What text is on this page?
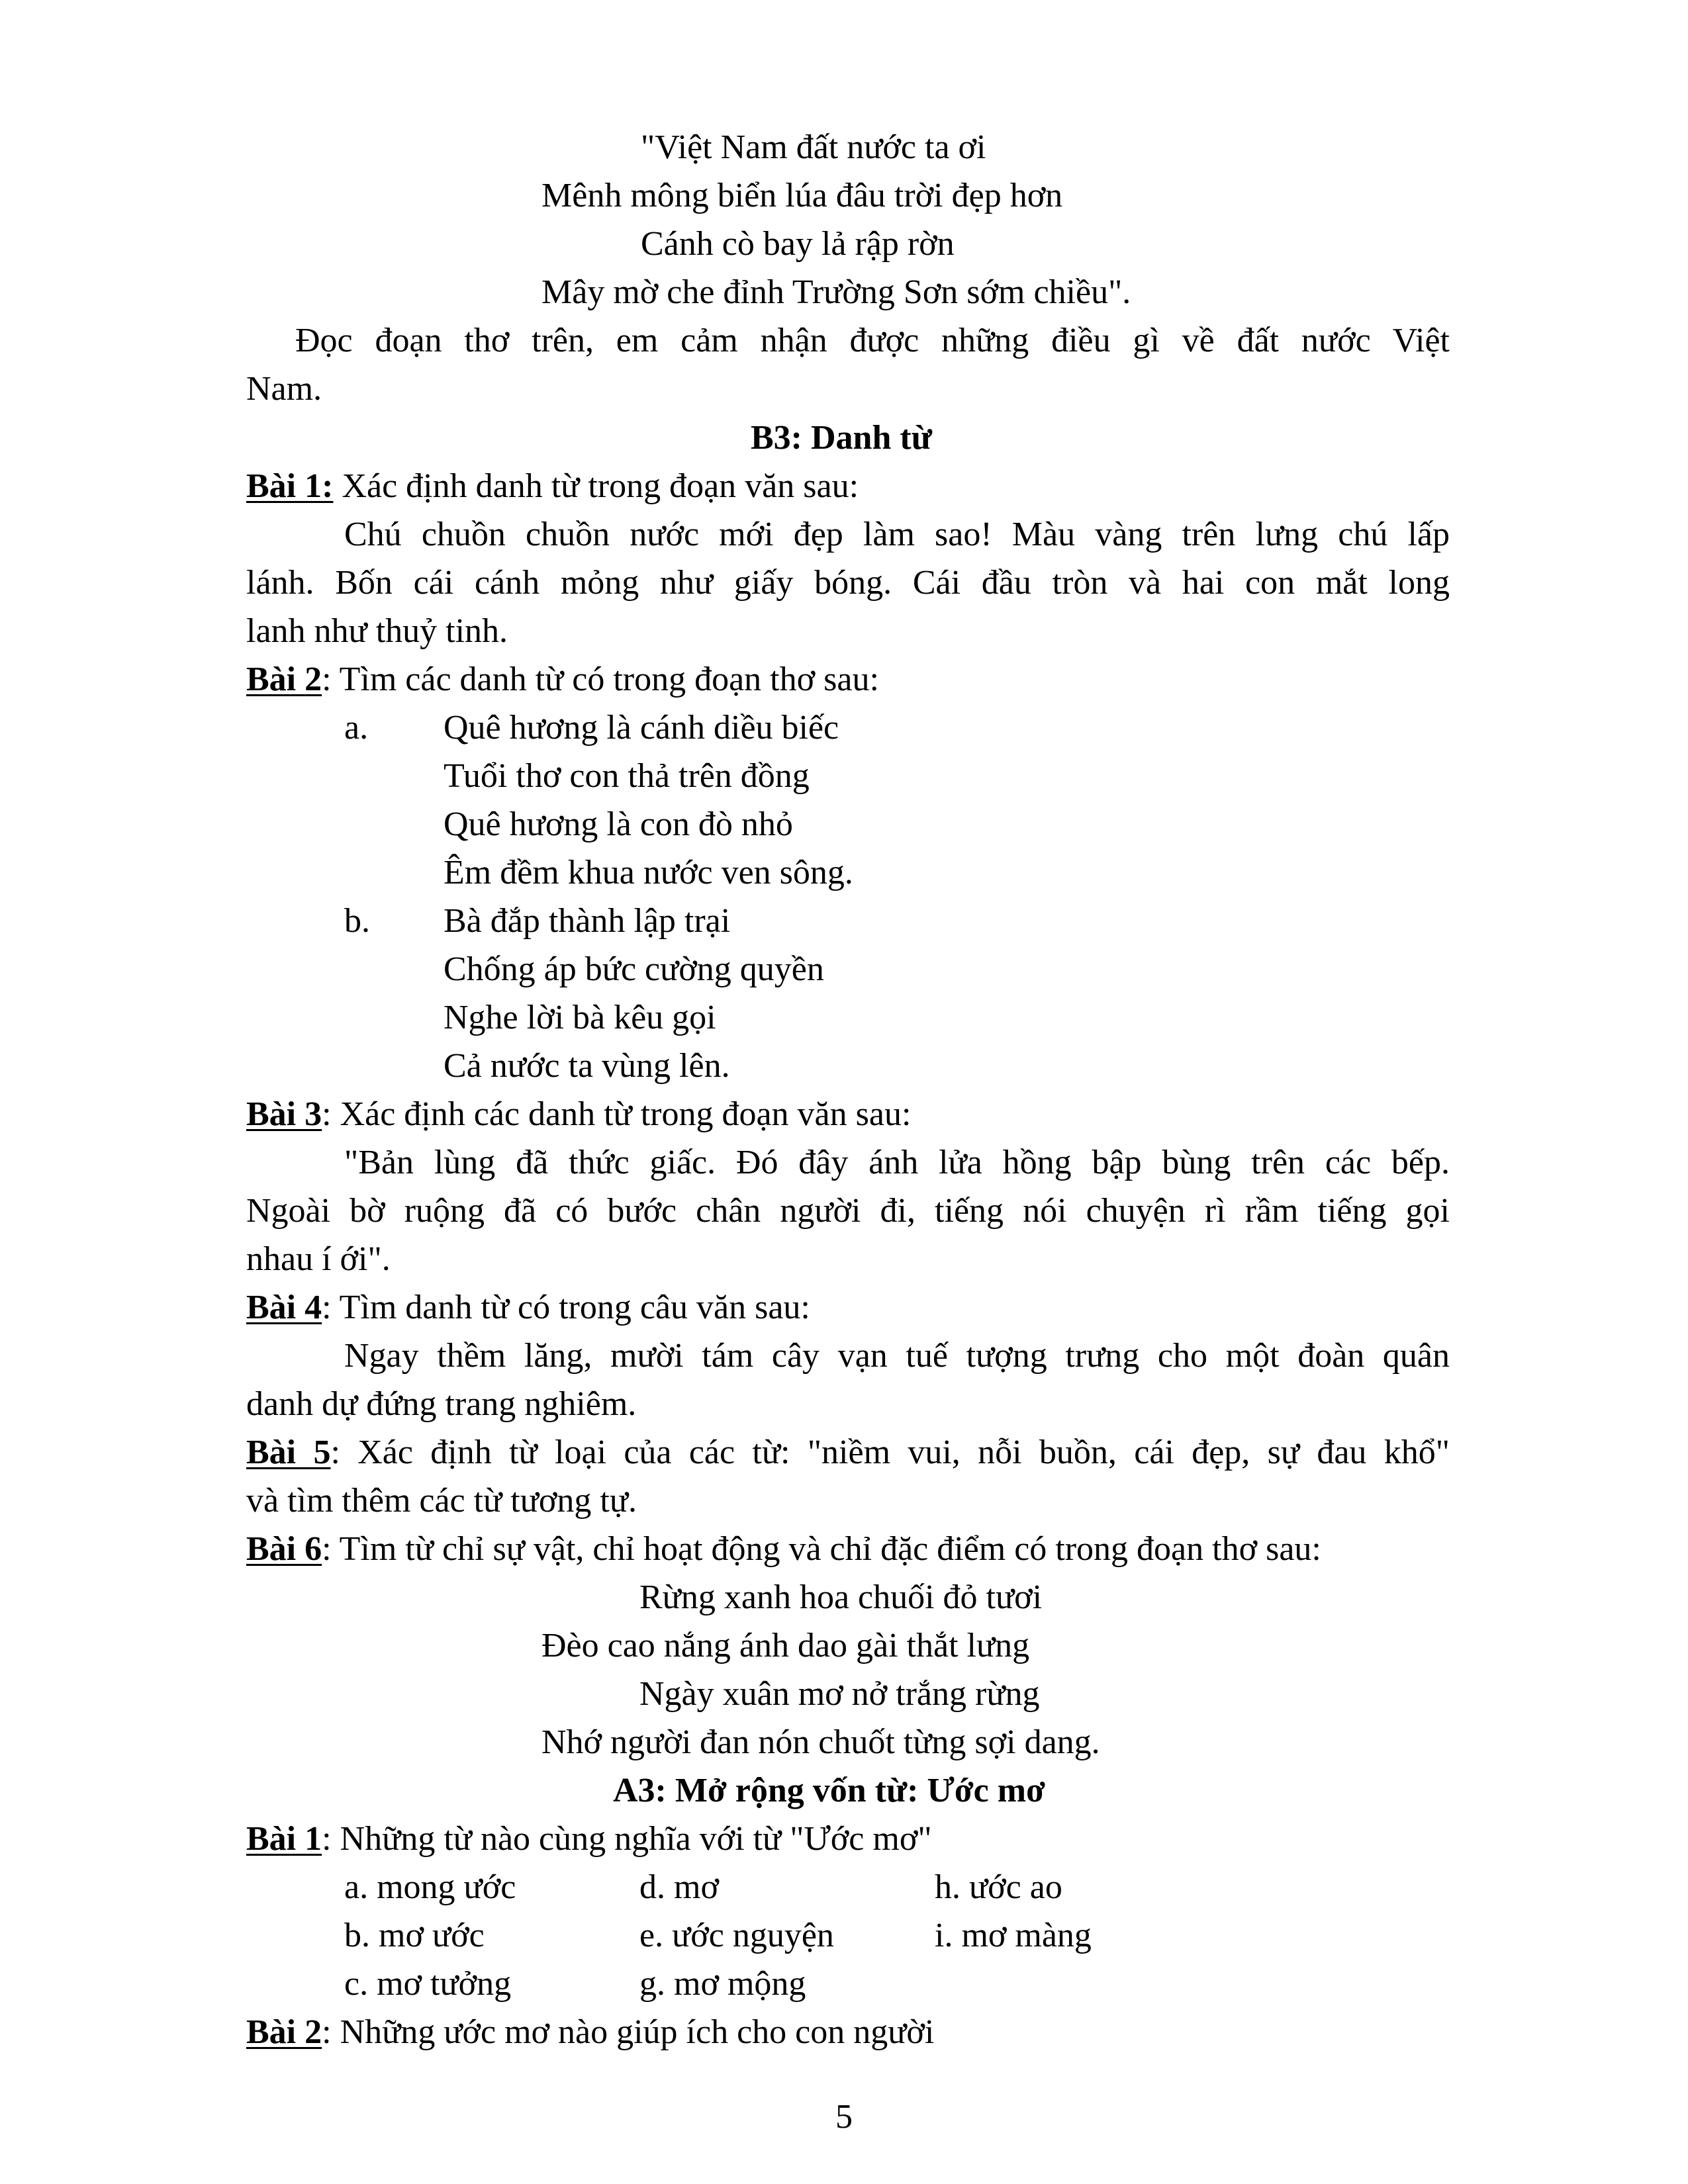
"Việt Nam đất nước ta ơi
Mênh mông biển lúa đâu trời đẹp hơn
Cánh cò bay lả rập rờn
Mây mờ che đỉnh Trường Sơn sớm chiều".
Đọc đoạn thơ trên, em cảm nhận được những điều gì về đất nước Việt
Nam.
B3: Danh từ
Bài 1: Xác định danh từ trong đoạn văn sau:
Chú chuồn chuồn nước mới đẹp làm sao! Màu vàng trên lưng chú lấp
lánh. Bốn cái cánh mỏng như giấy bóng. Cái đầu tròn và hai con mắt long
lanh như thuỷ tinh.
Bài 2: Tìm các danh từ có trong đoạn thơ sau:
a. Quê hương là cánh diều biếc
Tuổi thơ con thả trên đồng
Quê hương là con đò nhỏ
Êm đềm khua nước ven sông.
b. Bà đắp thành lập trại
Chống áp bức cường quyền
Nghe lời bà kêu gọi
Cả nước ta vùng lên.
Bài 3: Xác định các danh từ trong đoạn văn sau:
"Bản lùng đã thức giấc. Đó đây ánh lửa hồng bập bùng trên các bếp.
Ngoài bờ ruộng đã có bước chân người đi, tiếng nói chuyện rì rầm tiếng gọi
nhau í ới".
Bài 4: Tìm danh từ có trong câu văn sau:
Ngay thềm lăng, mười tám cây vạn tuế tượng trưng cho một đoàn quân
danh dự đứng trang nghiêm.
Bài 5: Xác định từ loại của các từ: "niềm vui, nỗi buồn, cái đẹp, sự đau khổ"
và tìm thêm các từ tương tự.
Bài 6: Tìm từ chỉ sự vật, chỉ hoạt động và chỉ đặc điểm có trong đoạn thơ sau:
Rừng xanh hoa chuối đỏ tươi
Đèo cao nắng ánh dao gài thắt lưng
Ngày xuân mơ nở trắng rừng
Nhớ người đan nón chuốt từng sợi dang.
A3: Mở rộng vốn từ: Ước mơ
Bài 1: Những từ nào cùng nghĩa với từ "Ước mơ"
a. mong ước	d. mơ	h. ước ao
b. mơ ước	e. ước nguyện	i. mơ màng
c. mơ tưởng	g. mơ mộng
Bài 2: Những ước mơ nào giúp ích cho con người
5
